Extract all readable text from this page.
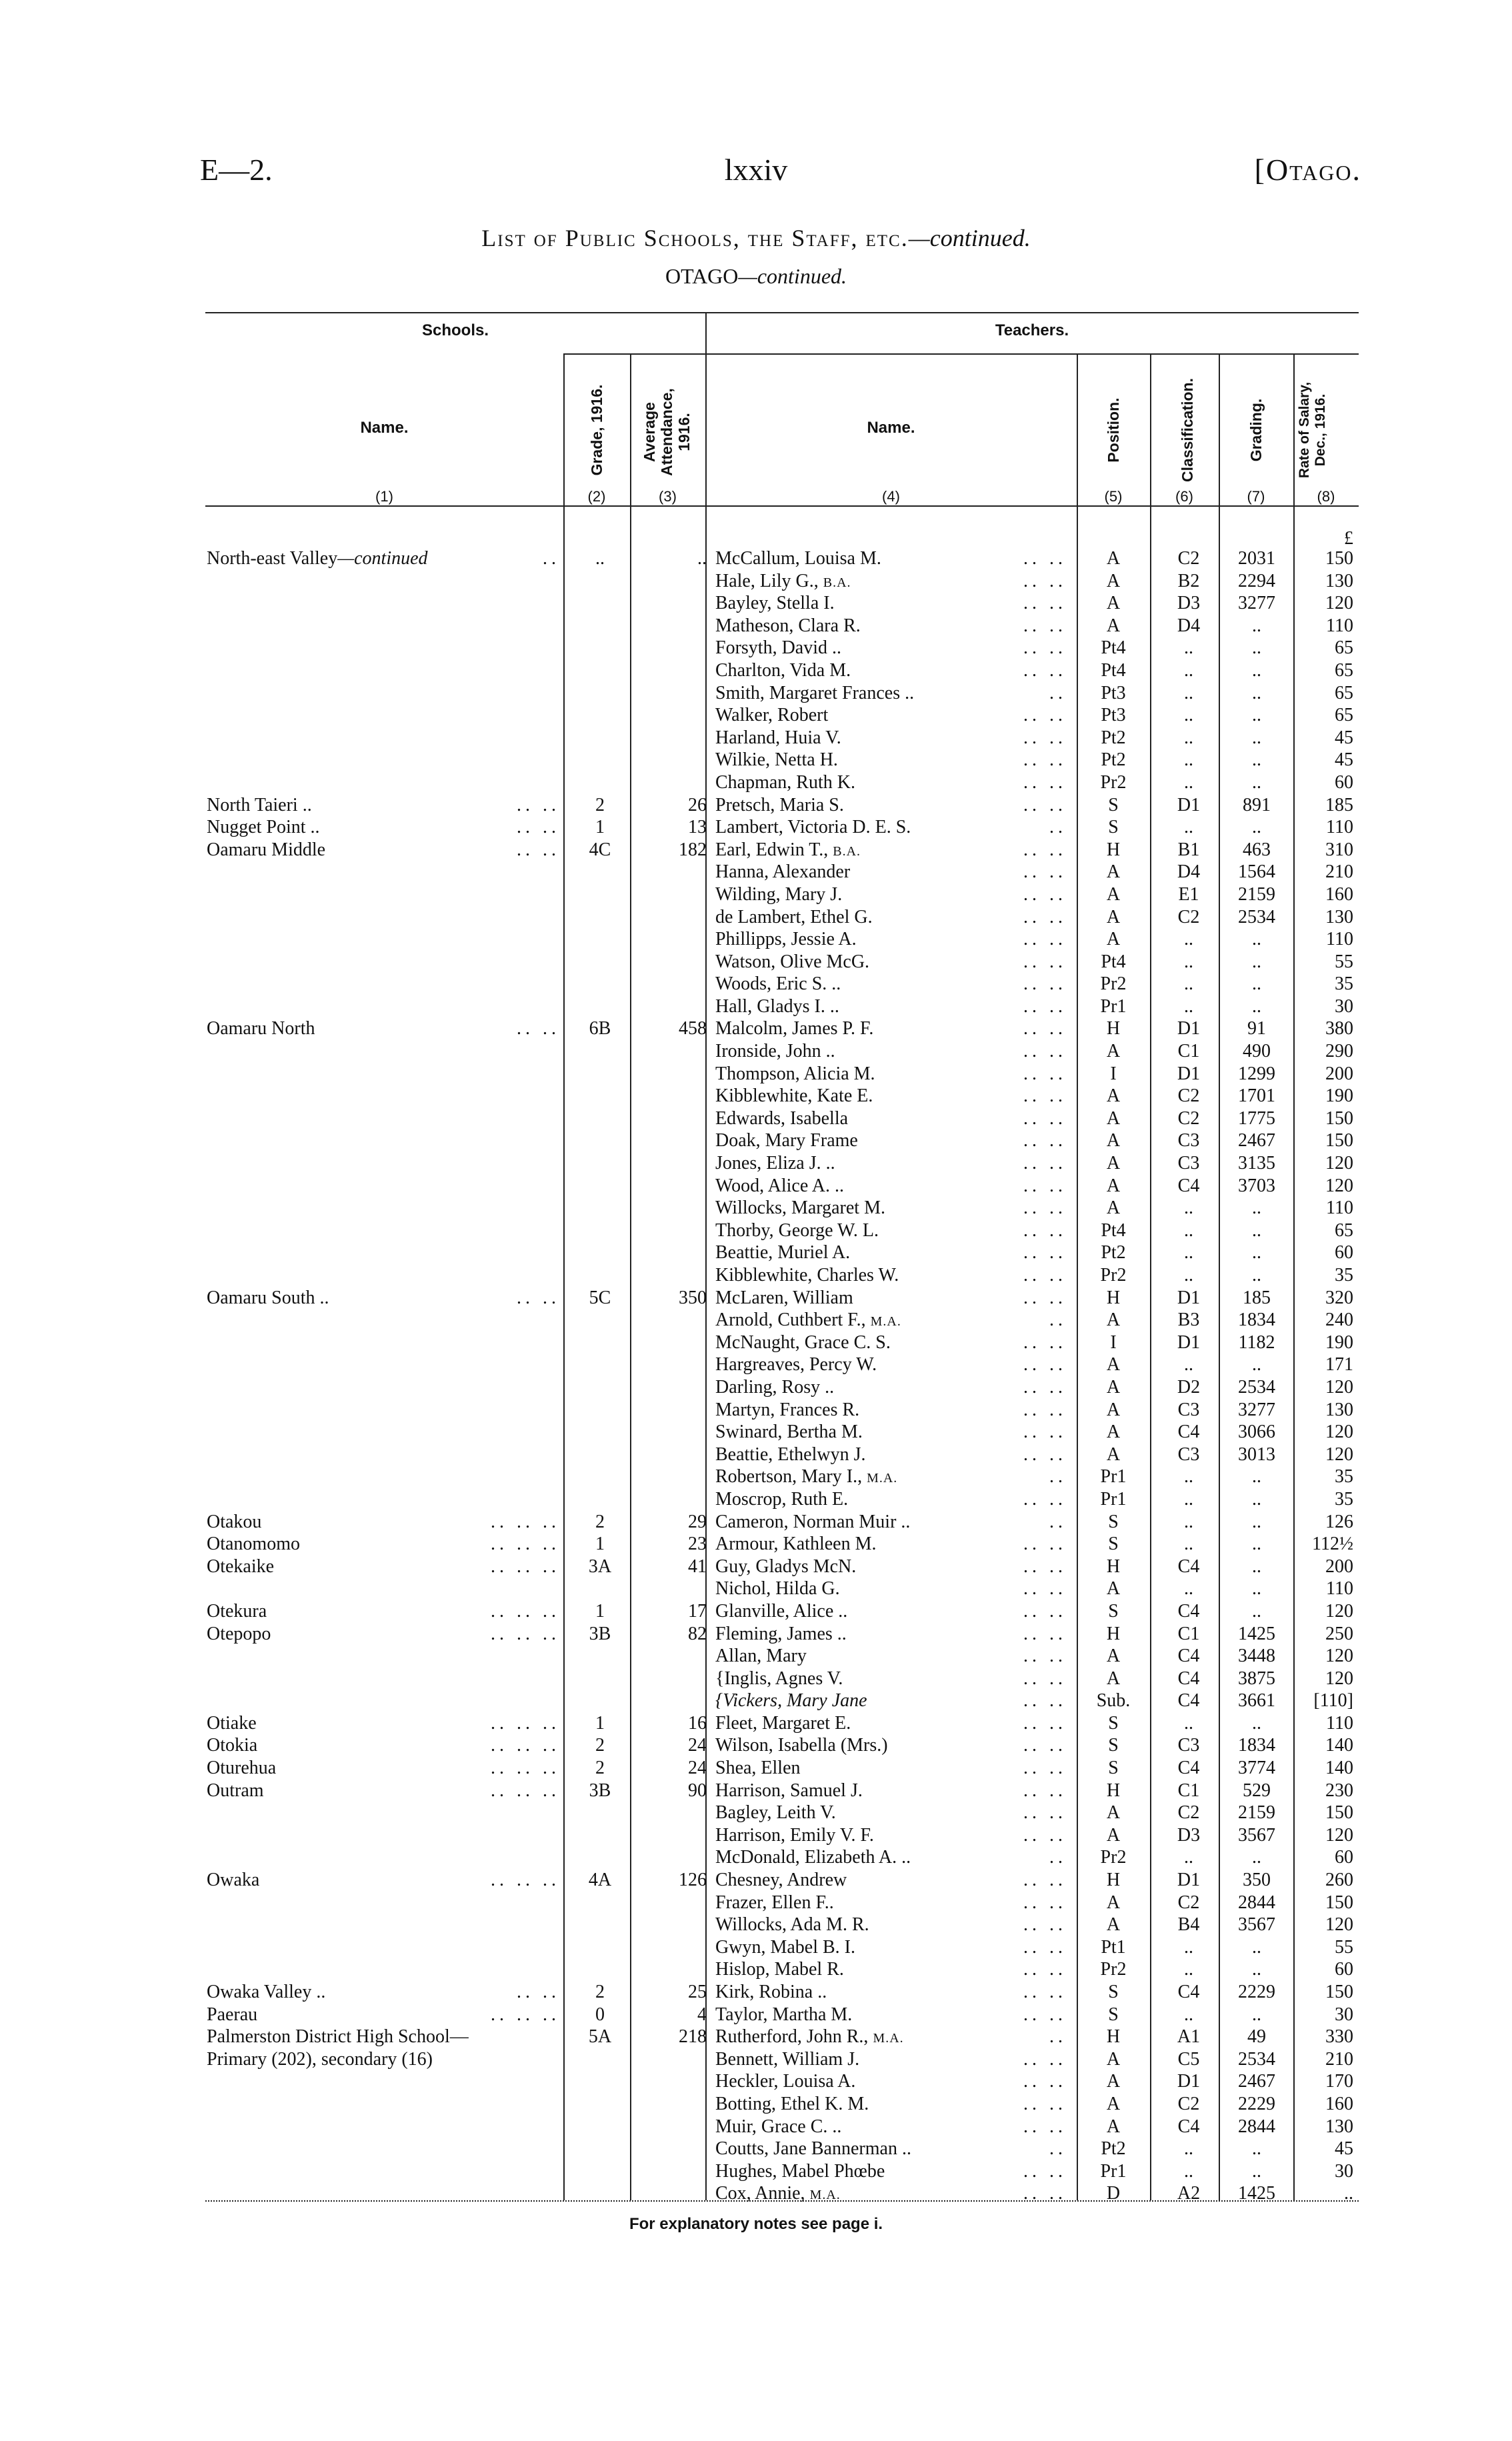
E—2.	lxxiv	[Otago.
List of Public Schools, the Staff, etc.—continued.
OTAGO—continued.
Schools.	Teachers.
Name.	Grade, 1916. Average Attendance, 1916.	Name.	Position.	Classification.	Grading. Rate of Salary, Dec., 1916.
(1)	(2)	(3)	(4)	(5)	(6)	(7)	(8)
£
North-east Valley—continued	..	..	.. McCallum, Louisa M.	.. ..	A	C2	2031	150
Hale, Lily G., B.A.	.. ..	A	B2	2294	130
Bayley, Stella I.	.. ..	A	D3	3277	120
Matheson, Clara R.	.. ..	A	D4	..	110
Forsyth, David ..	.. ..	Pt4	..	..	65
Charlton, Vida M.	.. ..	Pt4	..	..	65
Smith, Margaret Frances ..	..	Pt3	..	..	65
Walker, Robert	.. ..	Pt3	..	..	65
Harland, Huia V.	.. ..	Pt2	..	..	45
Wilkie, Netta H.	.. ..	Pt2	..	..	45
Chapman, Ruth K.	.. ..	Pr2	..	..	60
North Taieri ..	.. ..	2	26 Pretsch, Maria S.	.. ..	S	D1	891	185
Nugget Point ..	.. ..	1	13 Lambert, Victoria D. E. S.	..	S	..	..	110
Oamaru Middle	.. ..	4C	182 Earl, Edwin T., B.A.	.. ..	H	B1	463	310
Hanna, Alexander	.. ..	A	D4	1564	210
Wilding, Mary J.	.. ..	A	E1	2159	160
de Lambert, Ethel G.	.. ..	A	C2	2534	130
Phillipps, Jessie A.	.. ..	A	..	..	110
Watson, Olive McG.	.. ..	Pt4	..	..	55
Woods, Eric S. ..	.. ..	Pr2	..	..	35
Hall, Gladys I. ..	.. ..	Pr1	..	..	30
Oamaru North	.. ..	6B	458 Malcolm, James P. F.	.. ..	H	D1	91	380
Ironside, John ..	.. ..	A	C1	490	290
Thompson, Alicia M.	.. ..	I	D1	1299	200
Kibblewhite, Kate E.	.. ..	A	C2	1701	190
Edwards, Isabella	.. ..	A	C2	1775	150
Doak, Mary Frame	.. ..	A	C3	2467	150
Jones, Eliza J. ..	.. ..	A	C3	3135	120
Wood, Alice A. ..	.. ..	A	C4	3703	120
Willocks, Margaret M.	.. ..	A	..	..	110
Thorby, George W. L.	.. ..	Pt4	..	..	65
Beattie, Muriel A.	.. ..	Pt2	..	..	60
Kibblewhite, Charles W.	.. ..	Pr2	..	..	35
Oamaru South ..	.. ..	5C	350 McLaren, William	.. ..	H	D1	185	320
Arnold, Cuthbert F., M.A.	..	A	B3	1834	240
McNaught, Grace C. S.	.. ..	I	D1	1182	190
Hargreaves, Percy W.	.. ..	A	..	..	171
Darling, Rosy ..	.. ..	A	D2	2534	120
Martyn, Frances R.	.. ..	A	C3	3277	130
Swinard, Bertha M.	.. ..	A	C4	3066	120
Beattie, Ethelwyn J.	.. ..	A	C3	3013	120
Robertson, Mary I., M.A.	..	Pr1	..	..	35
Moscrop, Ruth E.	.. ..	Pr1	..	..	35
Otakou	.. .. ..	2	29 Cameron, Norman Muir ..	..	S	..	..	126
Otanomomo	.. .. ..	1	23 Armour, Kathleen M.	.. ..	S	..	..	112½
Otekaike	.. .. ..	3A	41 Guy, Gladys McN.	.. ..	H	C4	..	200
Nichol, Hilda G.	.. ..	A	..	..	110
Otekura	.. .. ..	1	17 Glanville, Alice ..	.. ..	S	C4	..	120
Otepopo	.. .. ..	3B	82 Fleming, James ..	.. ..	H	C1	1425	250
Allan, Mary	.. ..	A	C4	3448	120
{Inglis, Agnes V.	.. ..	A	C4	3875	120
{Vickers, Mary Jane	.. ..	Sub.	C4	3661	[110]
Otiake	.. .. ..	1	16 Fleet, Margaret E.	.. ..	S	..	..	110
Otokia	.. .. ..	2	24 Wilson, Isabella (Mrs.)	.. ..	S	C3	1834	140
Oturehua	.. .. ..	2	24 Shea, Ellen	.. ..	S	C4	3774	140
Outram	.. .. ..	3B	90 Harrison, Samuel J.	.. ..	H	C1	529	230
Bagley, Leith V.	.. ..	A	C2	2159	150
Harrison, Emily V. F.	.. ..	A	D3	3567	120
McDonald, Elizabeth A. ..	..	Pr2	..	..	60
Owaka	.. .. ..	4A	126 Chesney, Andrew	.. ..	H	D1	350	260
Frazer, Ellen F..	.. ..	A	C2	2844	150
Willocks, Ada M. R.	.. ..	A	B4	3567	120
Gwyn, Mabel B. I.	.. ..	Pt1	..	..	55
Hislop, Mabel R.	.. ..	Pr2	..	..	60
Owaka Valley ..	.. ..	2	25 Kirk, Robina ..	.. ..	S	C4	2229	150
Paerau	.. .. ..	0	4 Taylor, Martha M.	.. ..	S	..	..	30
Palmerston District High School—	5A	218 Rutherford, John R., M.A.	..	H	A1	49	330
Primary (202), secondary (16)	Bennett, William J.	.. ..	A	C5	2534	210
Heckler, Louisa A.	.. ..	A	D1	2467	170
Botting, Ethel K. M.	.. ..	A	C2	2229	160
Muir, Grace C. ..	.. ..	A	C4	2844	130
Coutts, Jane Bannerman ..	..	Pt2	..	..	45
Hughes, Mabel Phœbe	.. ..	Pr1	..	..	30
Cox, Annie, M.A.	.. ..	D	A2	1425	..
For explanatory notes see page i.
